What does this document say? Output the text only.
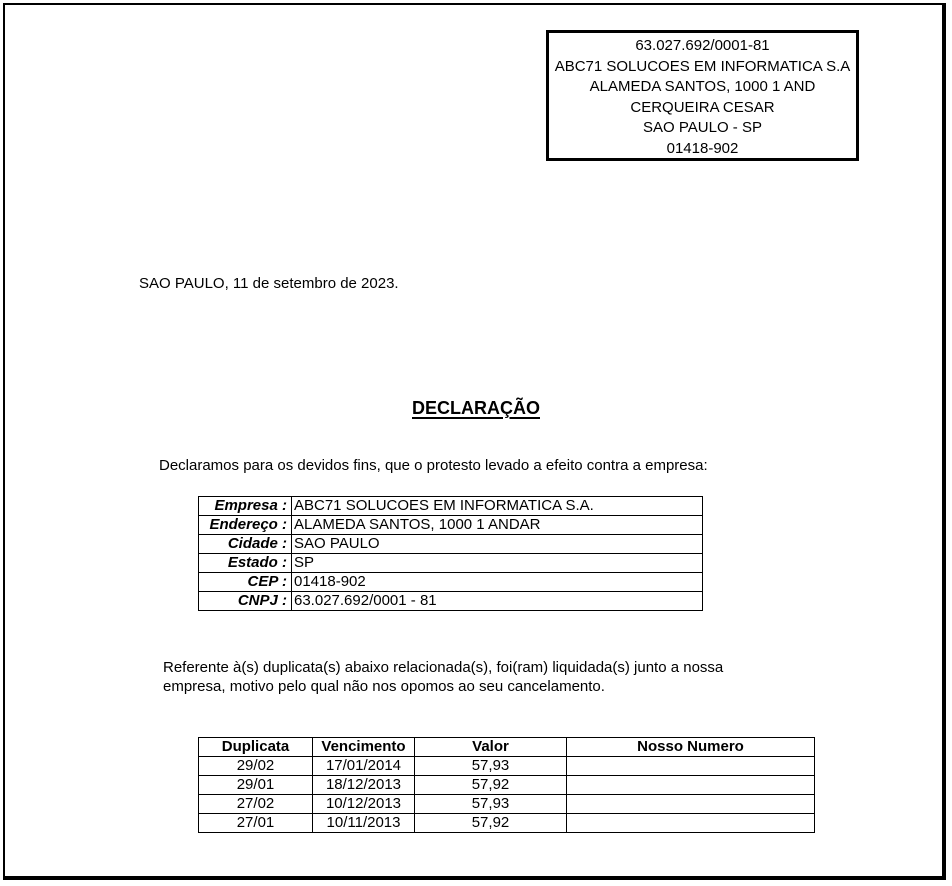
63.027.692/0001-81
ABC71 SOLUCOES EM INFORMATICA S.A
ALAMEDA SANTOS, 1000 1 AND
CERQUEIRA CESAR
SAO PAULO - SP
01418-902
SAO PAULO, 11 de setembro de 2023.
DECLARAÇÃO
Declaramos para os devidos fins, que o protesto levado a efeito contra a empresa:
Empresa :	ABC71 SOLUCOES EM INFORMATICA S.A.
Endereço :	ALAMEDA SANTOS, 1000 1 ANDAR
Cidade :	SAO PAULO
Estado :	SP
CEP :	01418-902
CNPJ :	63.027.692/0001 - 81
Referente à(s) duplicata(s) abaixo relacionada(s), foi(ram) liquidada(s) junto a nossa
empresa, motivo pelo qual não nos opomos ao seu cancelamento.
Duplicata	Vencimento	Valor	Nosso Numero
29/02	17/01/2014	57,93	
29/01	18/12/2013	57,92	
27/02	10/12/2013	57,93	
27/01	10/11/2013	57,92	
